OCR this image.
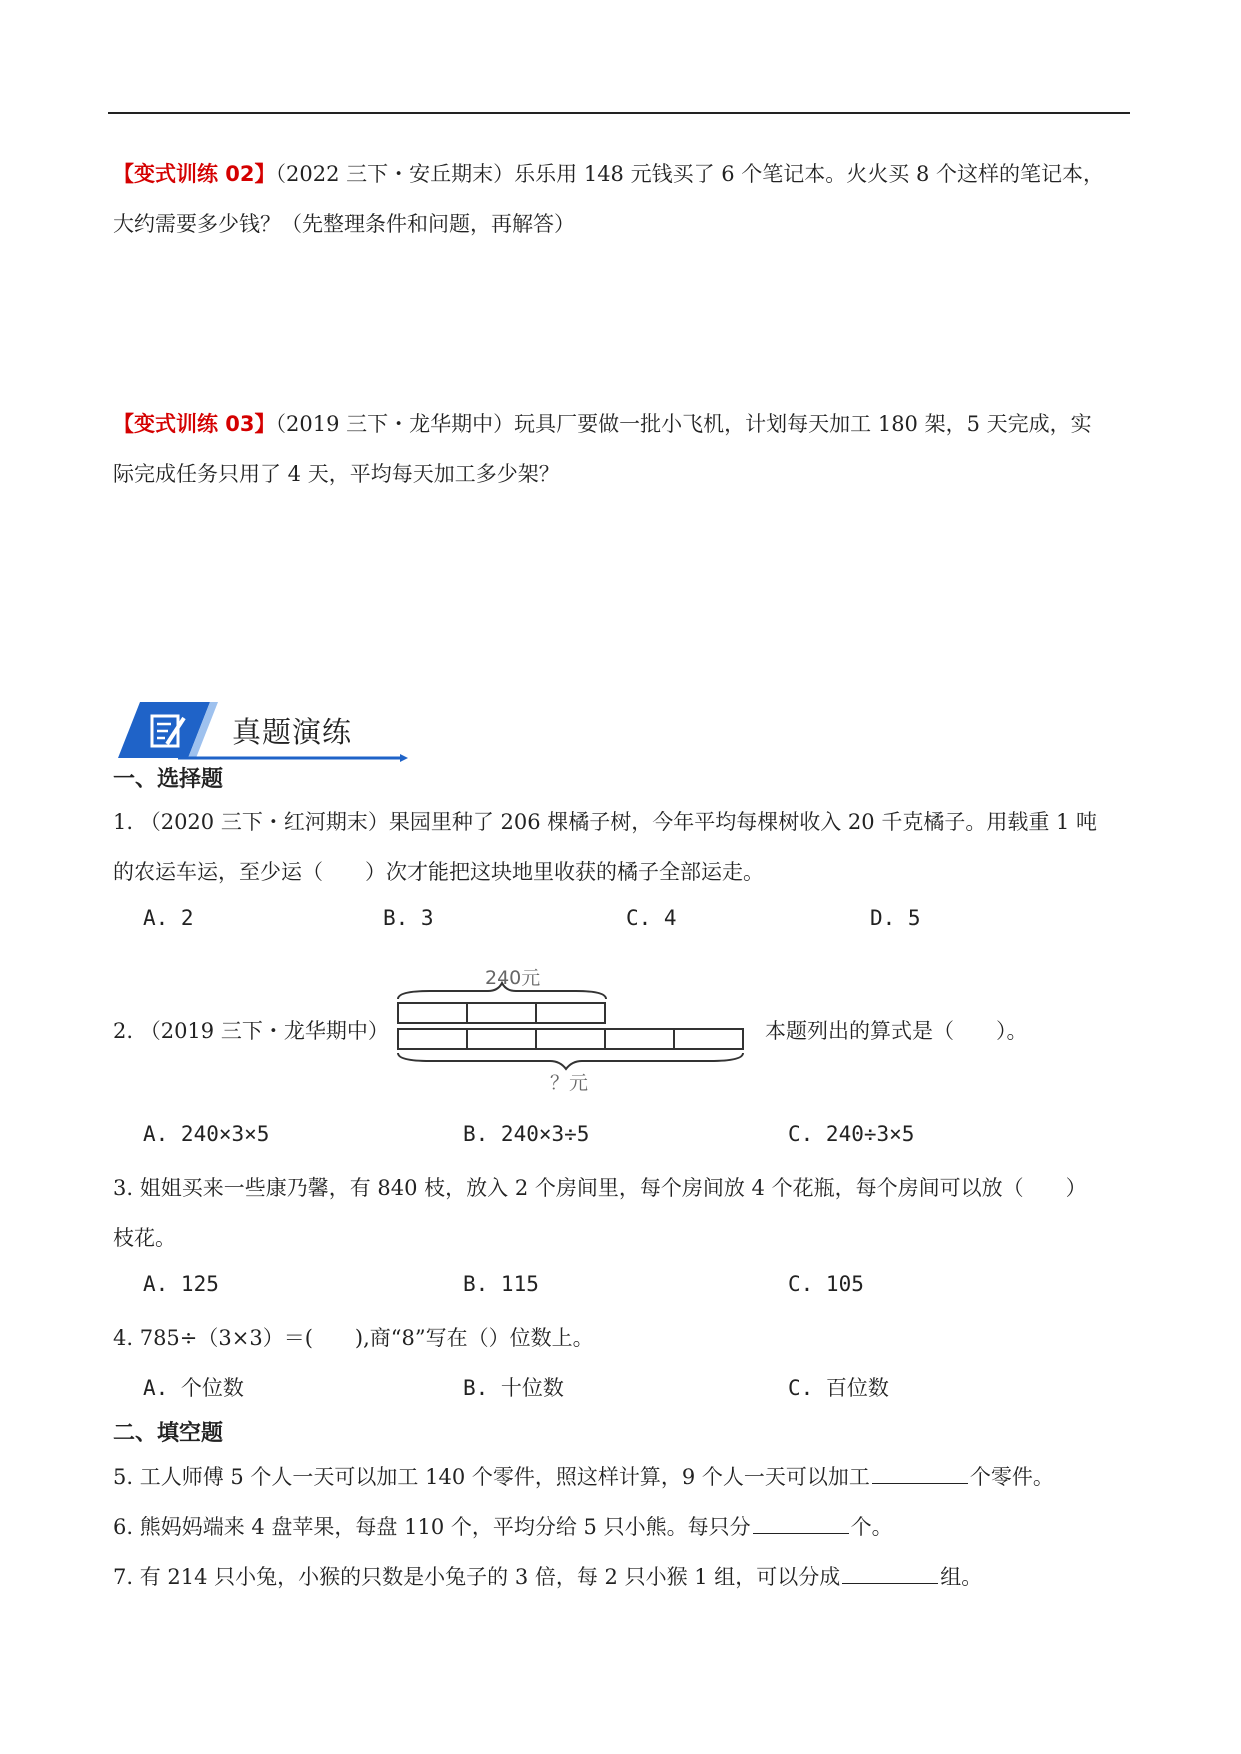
【变式训练 02】（2022 三下・安丘期末）乐乐用 148 元钱买了 6 个笔记本。火火买 8 个这样的笔记本，
大约需要多少钱？（先整理条件和问题，再解答）
【变式训练 03】（2019 三下・龙华期中）玩具厂要做一批小飞机，计划每天加工 180 架，5 天完成，实
际完成任务只用了 4 天，平均每天加工多少架？
真题演练
一、选择题
1. （2020 三下・红河期末）果园里种了 206 棵橘子树，今年平均每棵树收入 20 千克橘子。用载重 1 吨
的农运车运，至少运（　　）次才能把这块地里收获的橘子全部运走。
A. 2	B. 3	C. 4	D. 5
2. （2019 三下・龙华期中）
240元
？元
本题列出的算式是（　　）。
A. 240×3×5	B. 240×3÷5	C. 240÷3×5
3. 姐姐买来一些康乃馨，有 840 枝，放入 2 个房间里，每个房间放 4 个花瓶，每个房间可以放（　　）
枝花。
A. 125	B. 115	C. 105
4. 785÷（3×3）＝(　　),商“8”写在（）位数上。
A. 个位数	B. 十位数	C. 百位数
二、填空题
5. 工人师傅 5 个人一天可以加工 140 个零件，照这样计算，9 个人一天可以加工	个零件。
6. 熊妈妈端来 4 盘苹果，每盘 110 个，平均分给 5 只小熊。每只分	个。
7. 有 214 只小兔，小猴的只数是小兔子的 3 倍，每 2 只小猴 1 组，可以分成	组。
